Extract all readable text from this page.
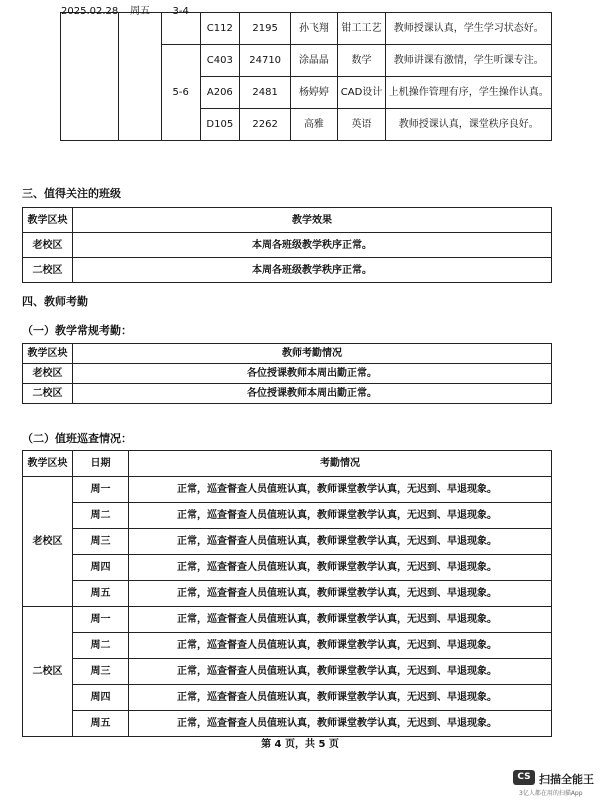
2025.02.28	周五	3-4	C112	2195	孙飞翔	钳工工艺	教师授课认真，学生学习状态好。
		5-6	C403	24710	涂晶晶	数学	教师讲课有激情，学生听课专注。
			A206	2481	杨婷婷	CAD设计	上机操作管理有序，学生操作认真。
			D105	2262	高雅	英语	教师授课认真，课堂秩序良好。
三、值得关注的班级
教学区块	教学效果
老校区	本周各班级教学秩序正常。
二校区	本周各班级教学秩序正常。
四、教师考勤
（一）教学常规考勤：
教学区块	教师考勤情况
老校区	各位授课教师本周出勤正常。
二校区	各位授课教师本周出勤正常。
（二）值班巡查情况：
教学区块	日期	考勤情况
老校区	周一	正常，巡查督查人员值班认真，教师课堂教学认真，无迟到、早退现象。
	周二	正常，巡查督查人员值班认真，教师课堂教学认真，无迟到、早退现象。
	周三	正常，巡查督查人员值班认真，教师课堂教学认真，无迟到、早退现象。
	周四	正常，巡查督查人员值班认真，教师课堂教学认真，无迟到、早退现象。
	周五	正常，巡查督查人员值班认真，教师课堂教学认真，无迟到、早退现象。
二校区	周一	正常，巡查督查人员值班认真，教师课堂教学认真，无迟到、早退现象。
	周二	正常，巡查督查人员值班认真，教师课堂教学认真，无迟到、早退现象。
	周三	正常，巡查督查人员值班认真，教师课堂教学认真，无迟到、早退现象。
	周四	正常，巡查督查人员值班认真，教师课堂教学认真，无迟到、早退现象。
	周五	正常，巡查督查人员值班认真，教师课堂教学认真，无迟到、早退现象。
第 4 页，共 5 页
CS 扫描全能王
3亿人都在用的扫描App
